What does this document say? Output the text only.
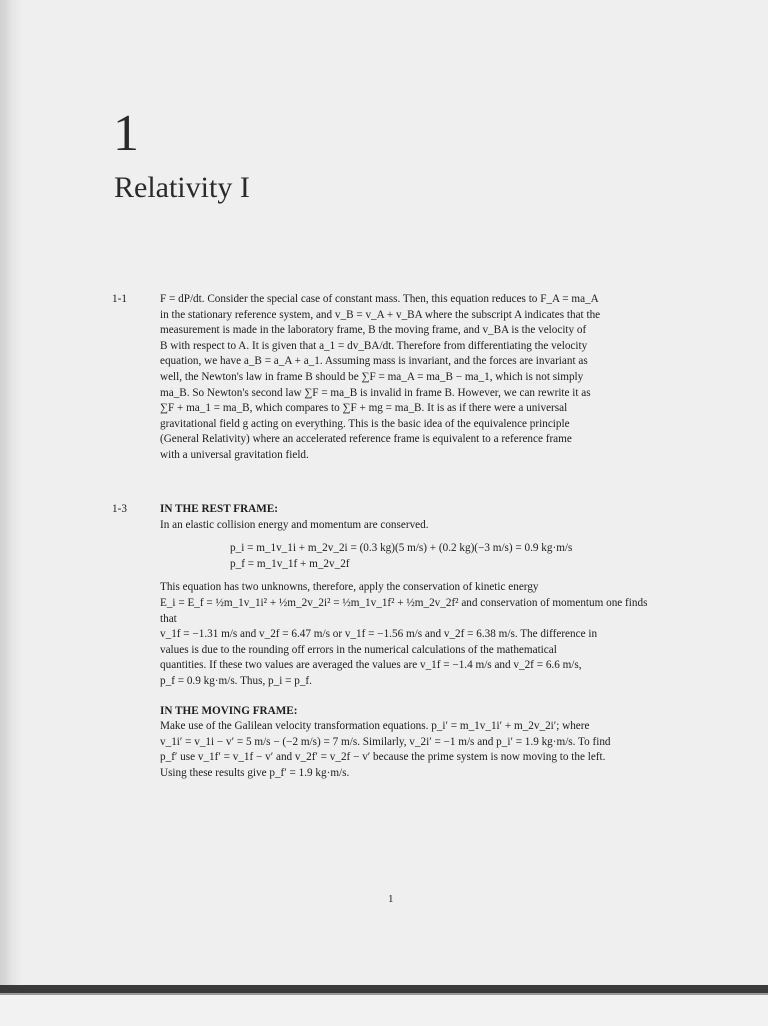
1
Relativity I
1-1	F = dP/dt. Consider the special case of constant mass. Then, this equation reduces to F_A = ma_A

in the stationary reference system, and v_B = v_A + v_BA where the subscript A indicates that the

measurement is made in the laboratory frame, B the moving frame, and v_BA is the velocity of

B with respect to A. It is given that a_1 = dv_BA/dt. Therefore from differentiating the velocity

equation, we have a_B = a_A + a_1. Assuming mass is invariant, and the forces are invariant as

well, the Newton's law in frame B should be ∑F = ma_A = ma_B − ma_1, which is not simply

ma_B. So Newton's second law ∑F = ma_B is invalid in frame B. However, we can rewrite it as

∑F + ma_1 = ma_B, which compares to ∑F + mg = ma_B. It is as if there were a universal

gravitational field g acting on everything. This is the basic idea of the equivalence principle

(General Relativity) where an accelerated reference frame is equivalent to a reference frame

with a universal gravitation field.

1-3	IN THE REST FRAME:

In an elastic collision energy and momentum are conserved.

p_i = m_1v_1i + m_2v_2i = (0.3 kg)(5 m/s) + (0.2 kg)(−3 m/s) = 0.9 kg·m/s

p_f = m_1v_1f + m_2v_2f

This equation has two unknowns, therefore, apply the conservation of kinetic energy

E_i = E_f = ½m_1v_1i² + ½m_2v_2i² = ½m_1v_1f² + ½m_2v_2f² and conservation of momentum one finds that

v_1f = −1.31 m/s and v_2f = 6.47 m/s or v_1f = −1.56 m/s and v_2f = 6.38 m/s. The difference in

values is due to the rounding off errors in the numerical calculations of the mathematical

quantities. If these two values are averaged the values are v_1f = −1.4 m/s and v_2f = 6.6 m/s,

p_f = 0.9 kg·m/s. Thus, p_i = p_f.

IN THE MOVING FRAME:

Make use of the Galilean velocity transformation equations. p_i′ = m_1v_1i′ + m_2v_2i′; where

v_1i′ = v_1i − v′ = 5 m/s − (−2 m/s) = 7 m/s. Similarly, v_2i′ = −1 m/s and p_i′ = 1.9 kg·m/s. To find

p_f′ use v_1f′ = v_1f − v′ and v_2f′ = v_2f − v′ because the prime system is now moving to the left.

Using these results give p_f′ = 1.9 kg·m/s.

1
